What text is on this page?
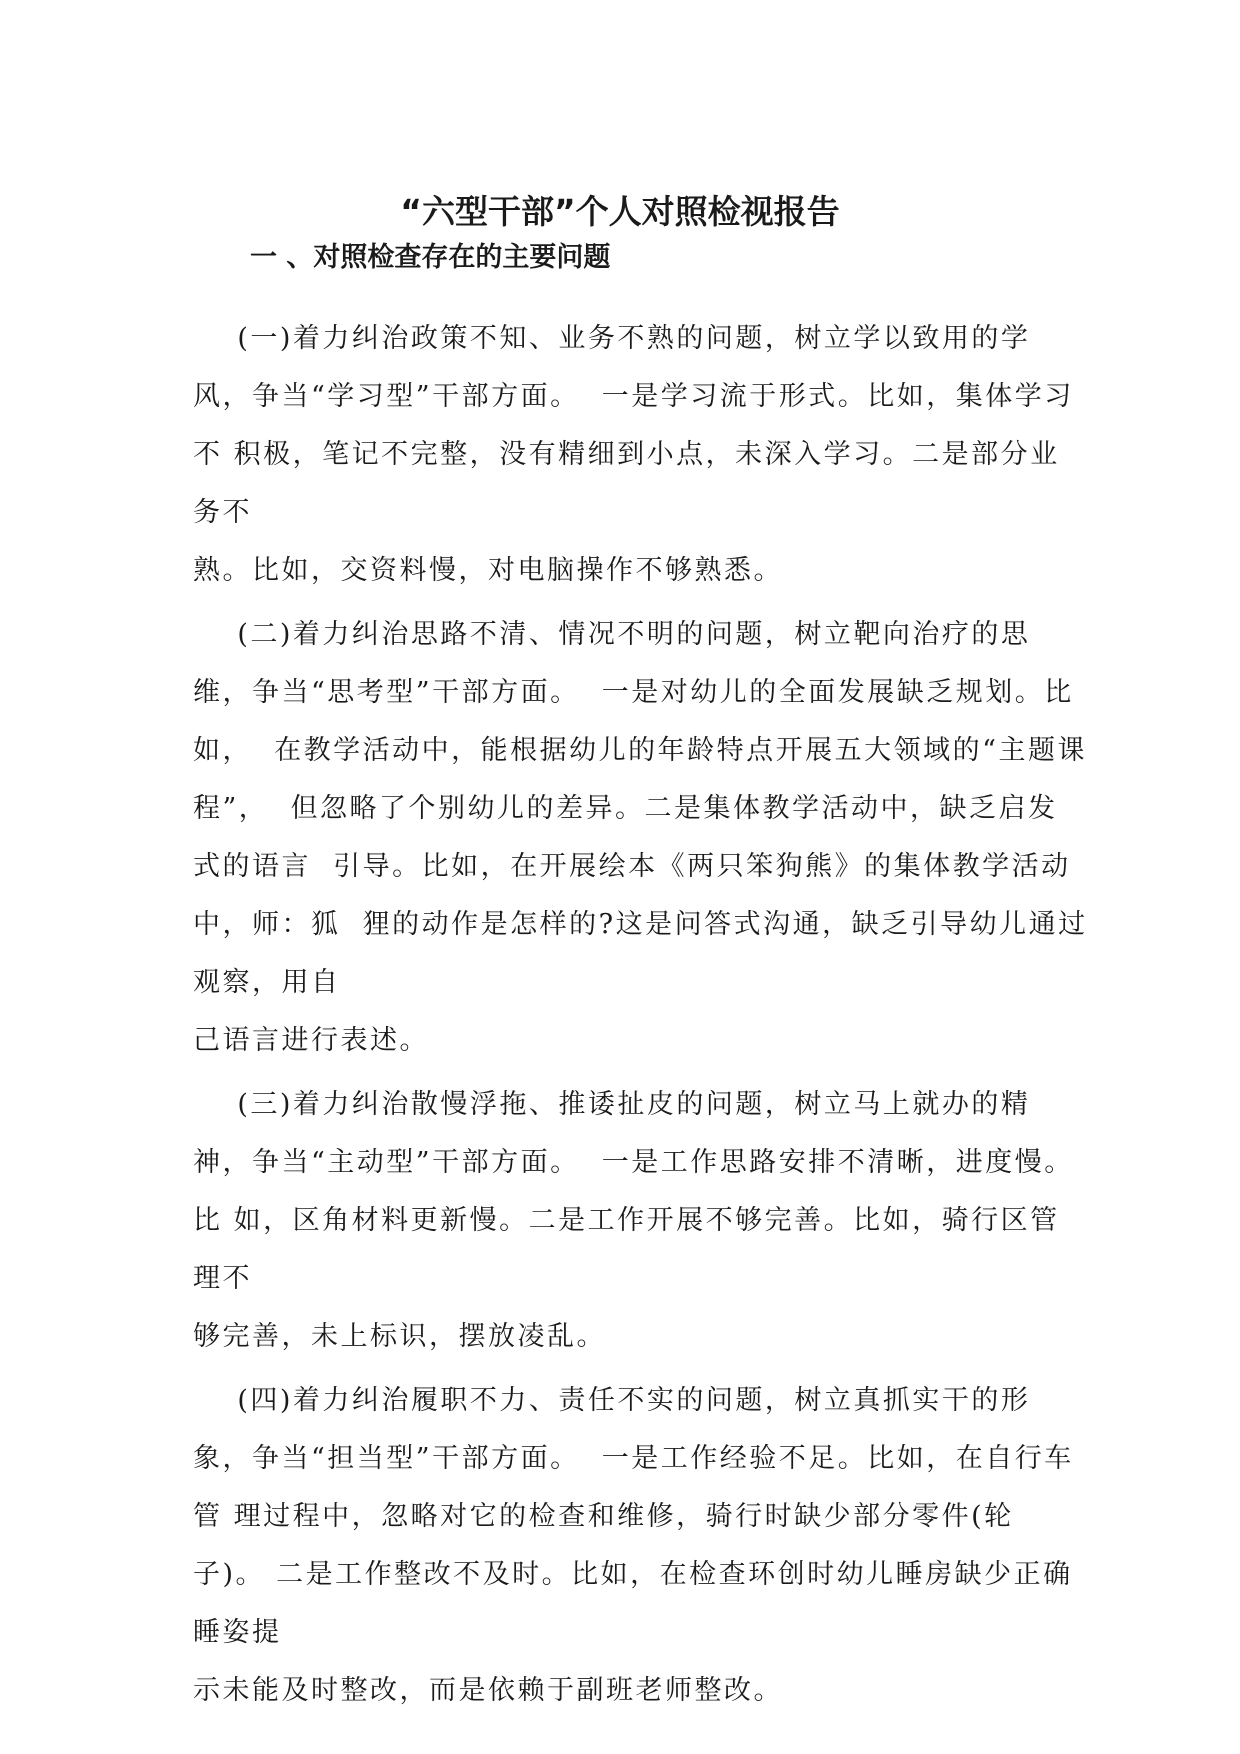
“六型干部”个人对照检视报告
一 、对照检查存在的主要问题
(一)着力纠治政策不知、业务不熟的问题，树立学以致用的学
风，争当“学习型”干部方面。  一是学习流于形式。比如，集体学习
不 积极，笔记不完整，没有精细到小点，未深入学习。二是部分业
务不
熟。比如，交资料慢，对电脑操作不够熟悉。
(二)着力纠治思路不清、情况不明的问题，树立靶向治疗的思
维，争当“思考型”干部方面。  一是对幼儿的全面发展缺乏规划。比
如，  在教学活动中，能根据幼儿的年龄特点开展五大领域的“主题课
程”，  但忽略了个别幼儿的差异。二是集体教学活动中，缺乏启发
式的语言  引导。比如，在开展绘本《两只笨狗熊》的集体教学活动
中，师：狐  狸的动作是怎样的?这是问答式沟通，缺乏引导幼儿通过
观察，用自
己语言进行表述。
(三)着力纠治散慢浮拖、推诿扯皮的问题，树立马上就办的精
神，争当“主动型”干部方面。  一是工作思路安排不清晰，进度慢。
比 如，区角材料更新慢。二是工作开展不够完善。比如，骑行区管
理不
够完善，未上标识，摆放凌乱。
(四)着力纠治履职不力、责任不实的问题，树立真抓实干的形
象，争当“担当型”干部方面。  一是工作经验不足。比如，在自行车
管 理过程中，忽略对它的检查和维修，骑行时缺少部分零件(轮
子)。 二是工作整改不及时。比如，在检查环创时幼儿睡房缺少正确
睡姿提
示未能及时整改，而是依赖于副班老师整改。
